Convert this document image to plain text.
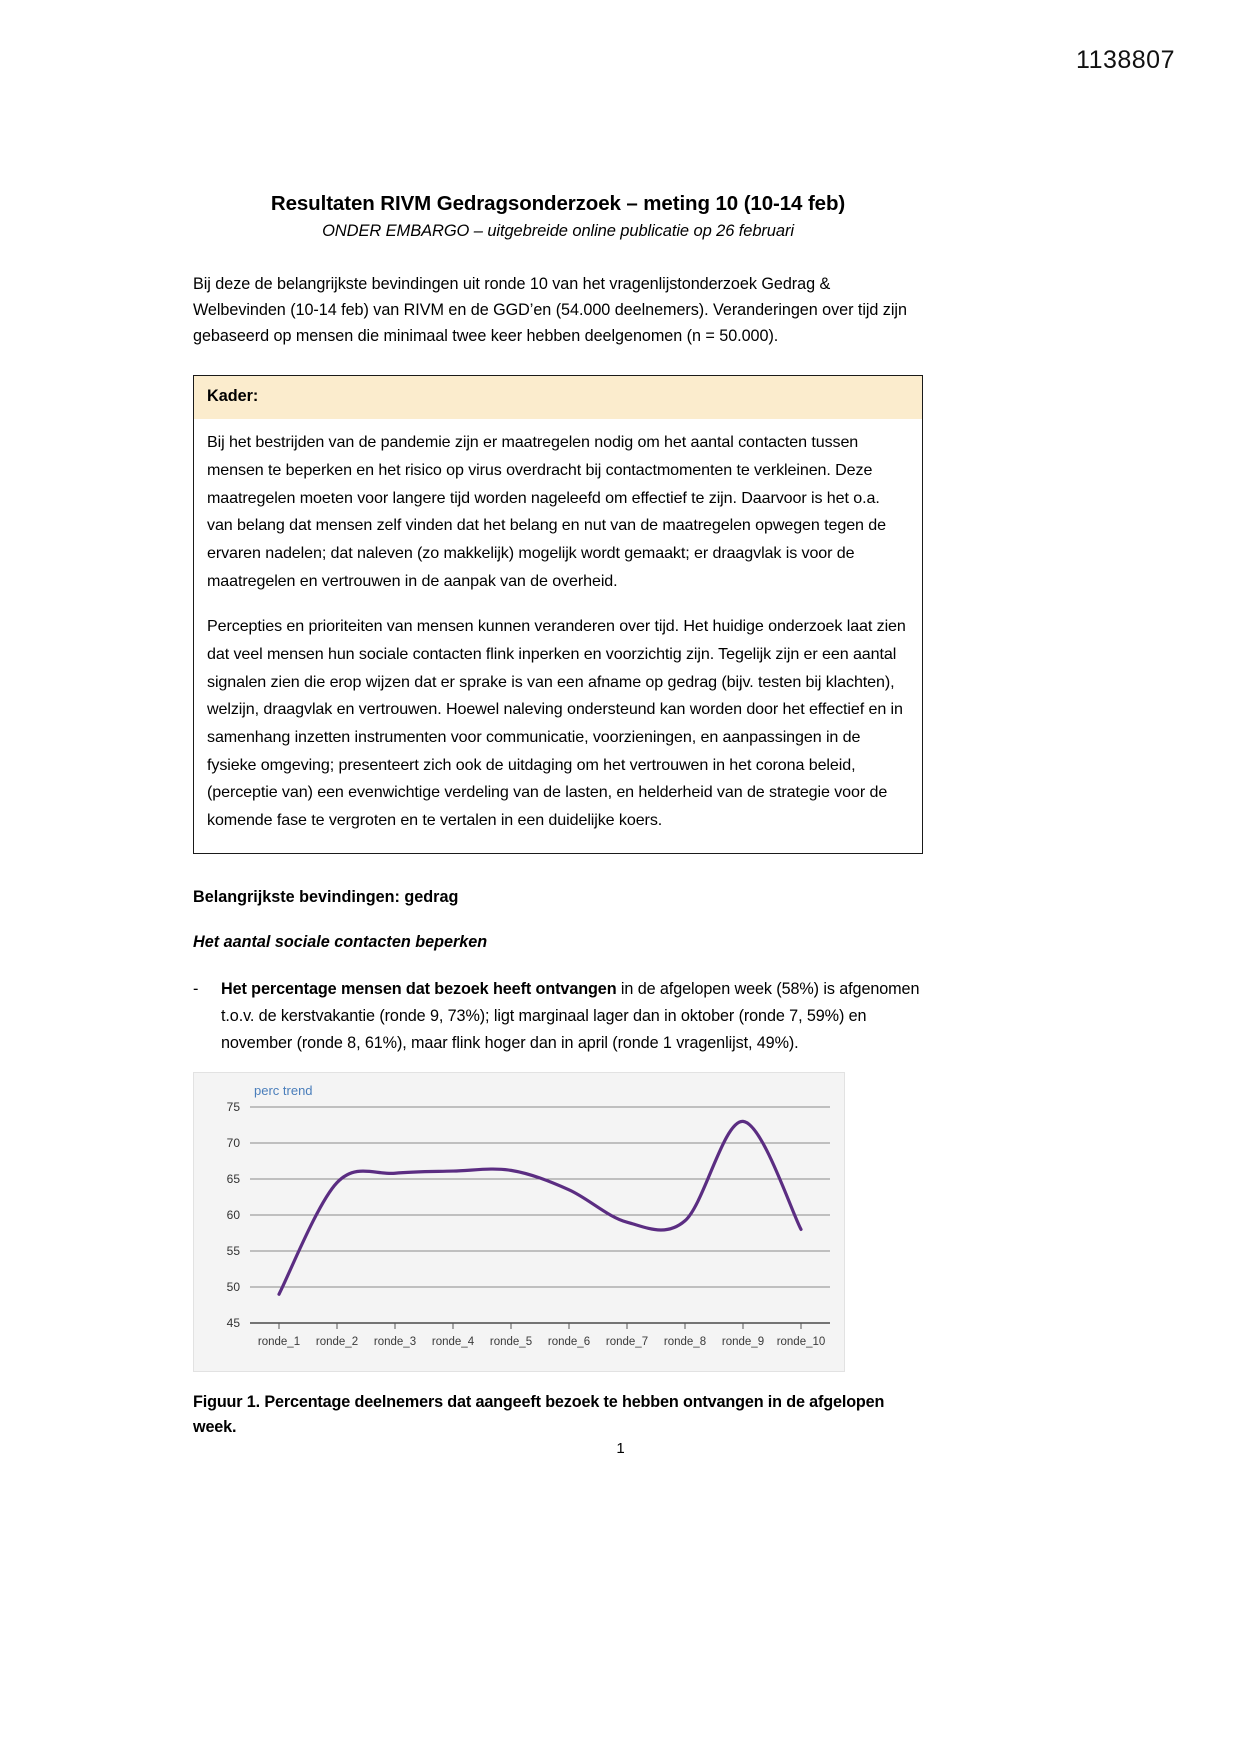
1138807
Resultaten RIVM Gedragsonderzoek – meting 10 (10-14 feb)
ONDER EMBARGO – uitgebreide online publicatie op 26 februari

Bij deze de belangrijkste bevindingen uit ronde 10 van het vragenlijstonderzoek Gedrag & Welbevinden (10-14 feb) van RIVM en de GGD’en (54.000 deelnemers). Veranderingen over tijd zijn gebaseerd op mensen die minimaal twee keer hebben deelgenomen (n = 50.000).

Kader:

Bij het bestrijden van de pandemie zijn er maatregelen nodig om het aantal contacten tussen mensen te beperken en het risico op virus overdracht bij contactmomenten te verkleinen. Deze maatregelen moeten voor langere tijd worden nageleefd om effectief te zijn. Daarvoor is het o.a. van belang dat mensen zelf vinden dat het belang en nut van de maatregelen opwegen tegen de ervaren nadelen; dat naleven (zo makkelijk) mogelijk wordt gemaakt; er draagvlak is voor de maatregelen en vertrouwen in de aanpak van de overheid.

Percepties en prioriteiten van mensen kunnen veranderen over tijd. Het huidige onderzoek laat zien dat veel mensen hun sociale contacten flink inperken en voorzichtig zijn. Tegelijk zijn er een aantal signalen zien die erop wijzen dat er sprake is van een afname op gedrag (bijv. testen bij klachten), welzijn, draagvlak en vertrouwen. Hoewel naleving ondersteund kan worden door het effectief en in samenhang inzetten instrumenten voor communicatie, voorzieningen, en aanpassingen in de fysieke omgeving; presenteert zich ook de uitdaging om het vertrouwen in het corona beleid, (perceptie van) een evenwichtige verdeling van de lasten, en helderheid van de strategie voor de komende fase te vergroten en te vertalen in een duidelijke koers.

Belangrijkste bevindingen: gedrag
Het aantal sociale contacten beperken
-	Het percentage mensen dat bezoek heeft ontvangen in de afgelopen week (58%) is afgenomen t.o.v. de kerstvakantie (ronde 9, 73%); ligt marginaal lager dan in oktober (ronde 7, 59%) en november (ronde 8, 61%), maar flink hoger dan in april (ronde 1 vragenlijst, 49%).
45
50
55
60
65
70
75
ronde_1 ronde_2 ronde_3 ronde_4 ronde_5 ronde_6 ronde_7 ronde_8 ronde_9 ronde_10
perc trend

Figuur 1. Percentage deelnemers dat aangeeft bezoek te hebben ontvangen in de afgelopen week.

1
